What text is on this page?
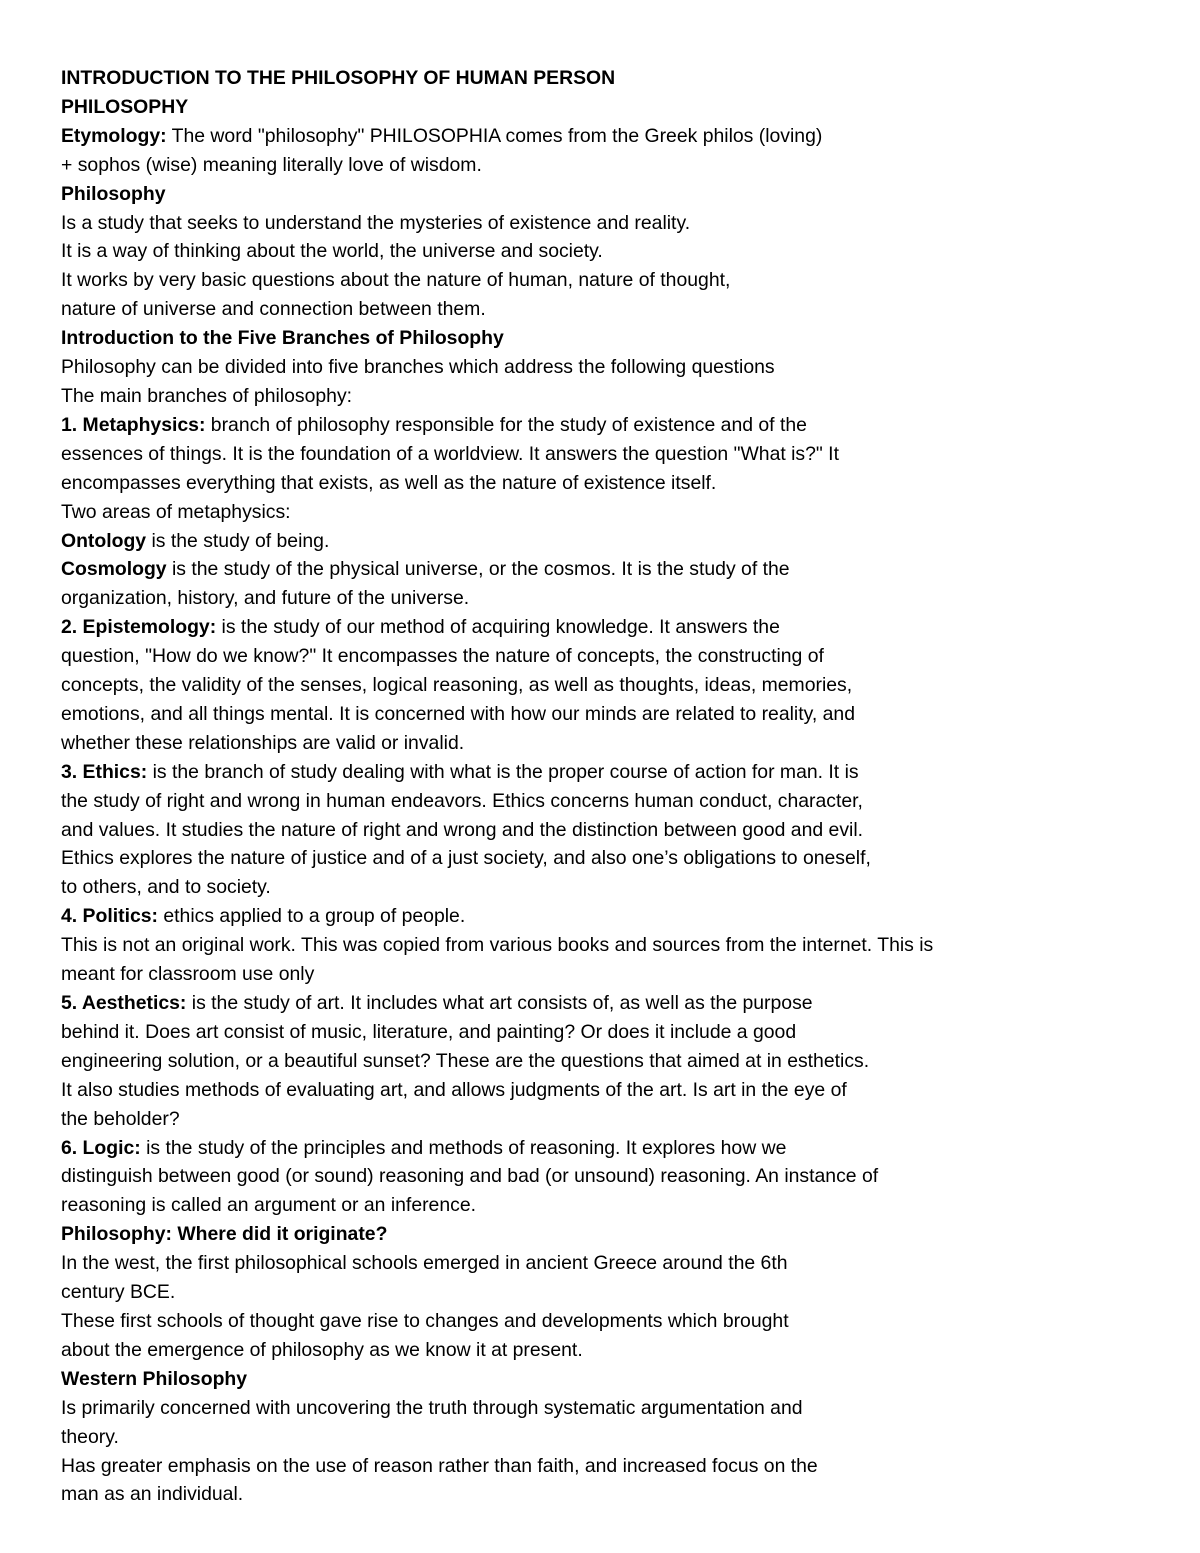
INTRODUCTION TO THE PHILOSOPHY OF HUMAN PERSON
PHILOSOPHY
Etymology: The word "philosophy" PHILOSOPHIA comes from the Greek philos (loving)
+ sophos (wise) meaning literally love of wisdom.
Philosophy
Is a study that seeks to understand the mysteries of existence and reality.
It is a way of thinking about the world, the universe and society.
It works by very basic questions about the nature of human, nature of thought,
nature of universe and connection between them.
Introduction to the Five Branches of Philosophy
Philosophy can be divided into five branches which address the following questions
The main branches of philosophy:
1. Metaphysics: branch of philosophy responsible for the study of existence and of the
essences of things. It is the foundation of a worldview. It answers the question "What is?" It
encompasses everything that exists, as well as the nature of existence itself.
Two areas of metaphysics:
Ontology is the study of being.
Cosmology is the study of the physical universe, or the cosmos. It is the study of the
organization, history, and future of the universe.
2. Epistemology: is the study of our method of acquiring knowledge. It answers the
question, "How do we know?" It encompasses the nature of concepts, the constructing of
concepts, the validity of the senses, logical reasoning, as well as thoughts, ideas, memories,
emotions, and all things mental. It is concerned with how our minds are related to reality, and
whether these relationships are valid or invalid.
3. Ethics: is the branch of study dealing with what is the proper course of action for man. It is
the study of right and wrong in human endeavors. Ethics concerns human conduct, character,
and values. It studies the nature of right and wrong and the distinction between good and evil.
Ethics explores the nature of justice and of a just society, and also one’s obligations to oneself,
to others, and to society.
4. Politics: ethics applied to a group of people.
This is not an original work. This was copied from various books and sources from the internet. This is
meant for classroom use only
5. Aesthetics: is the study of art. It includes what art consists of, as well as the purpose
behind it. Does art consist of music, literature, and painting? Or does it include a good
engineering solution, or a beautiful sunset? These are the questions that aimed at in esthetics.
It also studies methods of evaluating art, and allows judgments of the art. Is art in the eye of
the beholder?
6. Logic: is the study of the principles and methods of reasoning. It explores how we
distinguish between good (or sound) reasoning and bad (or unsound) reasoning. An instance of
reasoning is called an argument or an inference.
Philosophy: Where did it originate?
In the west, the first philosophical schools emerged in ancient Greece around the 6th
century BCE.
These first schools of thought gave rise to changes and developments which brought
about the emergence of philosophy as we know it at present.
Western Philosophy
Is primarily concerned with uncovering the truth through systematic argumentation and
theory.
Has greater emphasis on the use of reason rather than faith, and increased focus on the
man as an individual.
